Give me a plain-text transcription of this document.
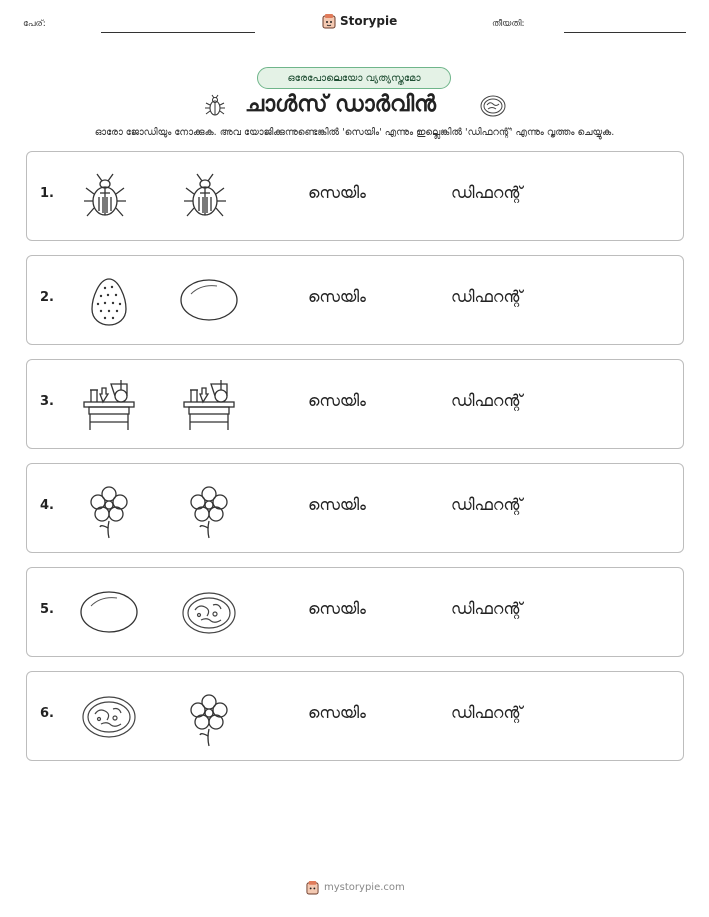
പേര്:	Storypie	തീയതി:
ഒരേപോലെയോ വ്യത്യസ്തമോ
ചാൾസ് ഡാർവിൻ
ഓരോ ജോഡിയും നോക്കുക. അവ യോജിക്കുന്നുണ്ടെങ്കിൽ 'സെയിം' എന്നും ഇല്ലെങ്കിൽ 'ഡിഫറന്റ്' എന്നും വൃത്തം ചെയ്യുക.
1.	സെയിം	ഡിഫറന്റ്
2.	സെയിം	ഡിഫറന്റ്
3.	സെയിം	ഡിഫറന്റ്
4.	സെയിം	ഡിഫറന്റ്
5.	സെയിം	ഡിഫറന്റ്
6.	സെയിം	ഡിഫറന്റ്
mystorypie.com
